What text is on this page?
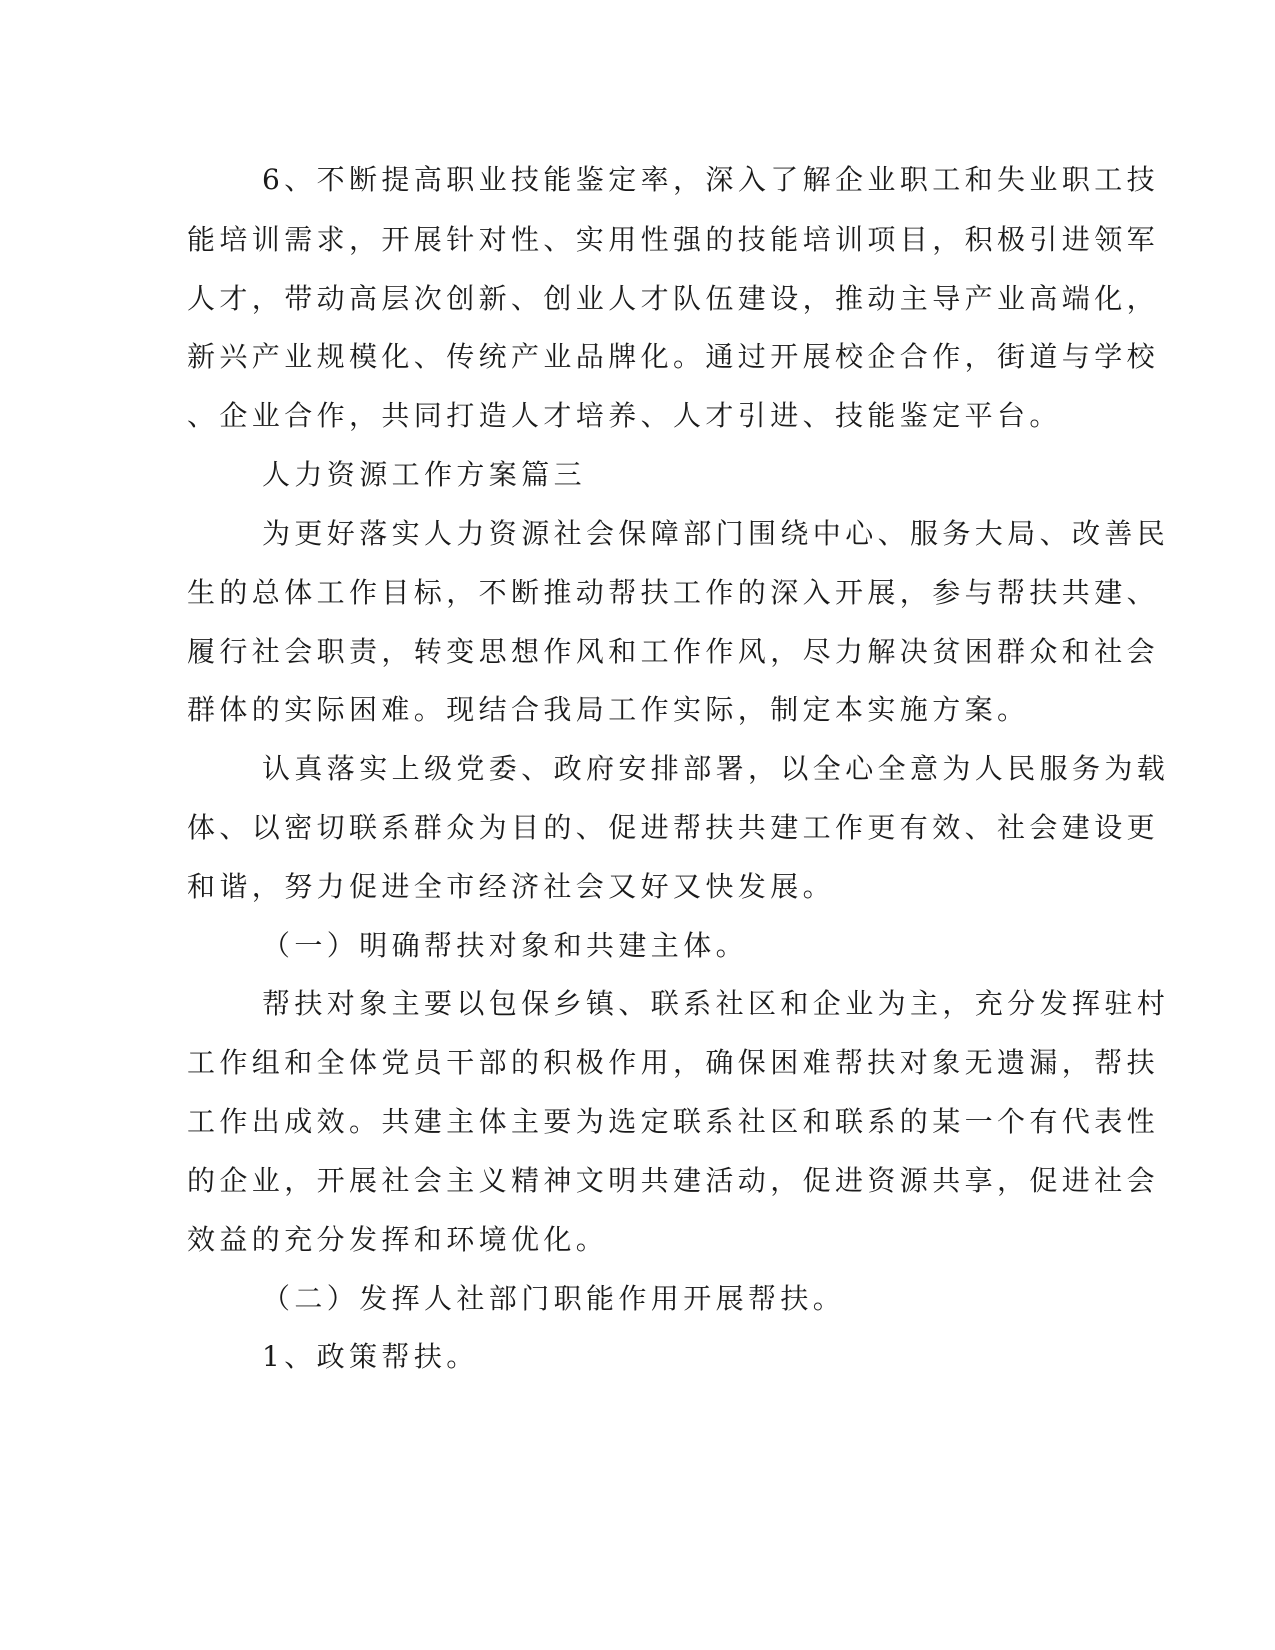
6、不断提高职业技能鉴定率，深入了解企业职工和失业职工技
能培训需求，开展针对性、实用性强的技能培训项目，积极引进领军
人才，带动高层次创新、创业人才队伍建设，推动主导产业高端化，
新兴产业规模化、传统产业品牌化。通过开展校企合作，街道与学校
、企业合作，共同打造人才培养、人才引进、技能鉴定平台。
人力资源工作方案篇三
为更好落实人力资源社会保障部门围绕中心、服务大局、改善民
生的总体工作目标，不断推动帮扶工作的深入开展，参与帮扶共建、
履行社会职责，转变思想作风和工作作风，尽力解决贫困群众和社会
群体的实际困难。现结合我局工作实际，制定本实施方案。
认真落实上级党委、政府安排部署，以全心全意为人民服务为载
体、以密切联系群众为目的、促进帮扶共建工作更有效、社会建设更
和谐，努力促进全市经济社会又好又快发展。
（一）明确帮扶对象和共建主体。
帮扶对象主要以包保乡镇、联系社区和企业为主，充分发挥驻村
工作组和全体党员干部的积极作用，确保困难帮扶对象无遗漏，帮扶
工作出成效。共建主体主要为选定联系社区和联系的某一个有代表性
的企业，开展社会主义精神文明共建活动，促进资源共享，促进社会
效益的充分发挥和环境优化。
（二）发挥人社部门职能作用开展帮扶。
1、政策帮扶。
